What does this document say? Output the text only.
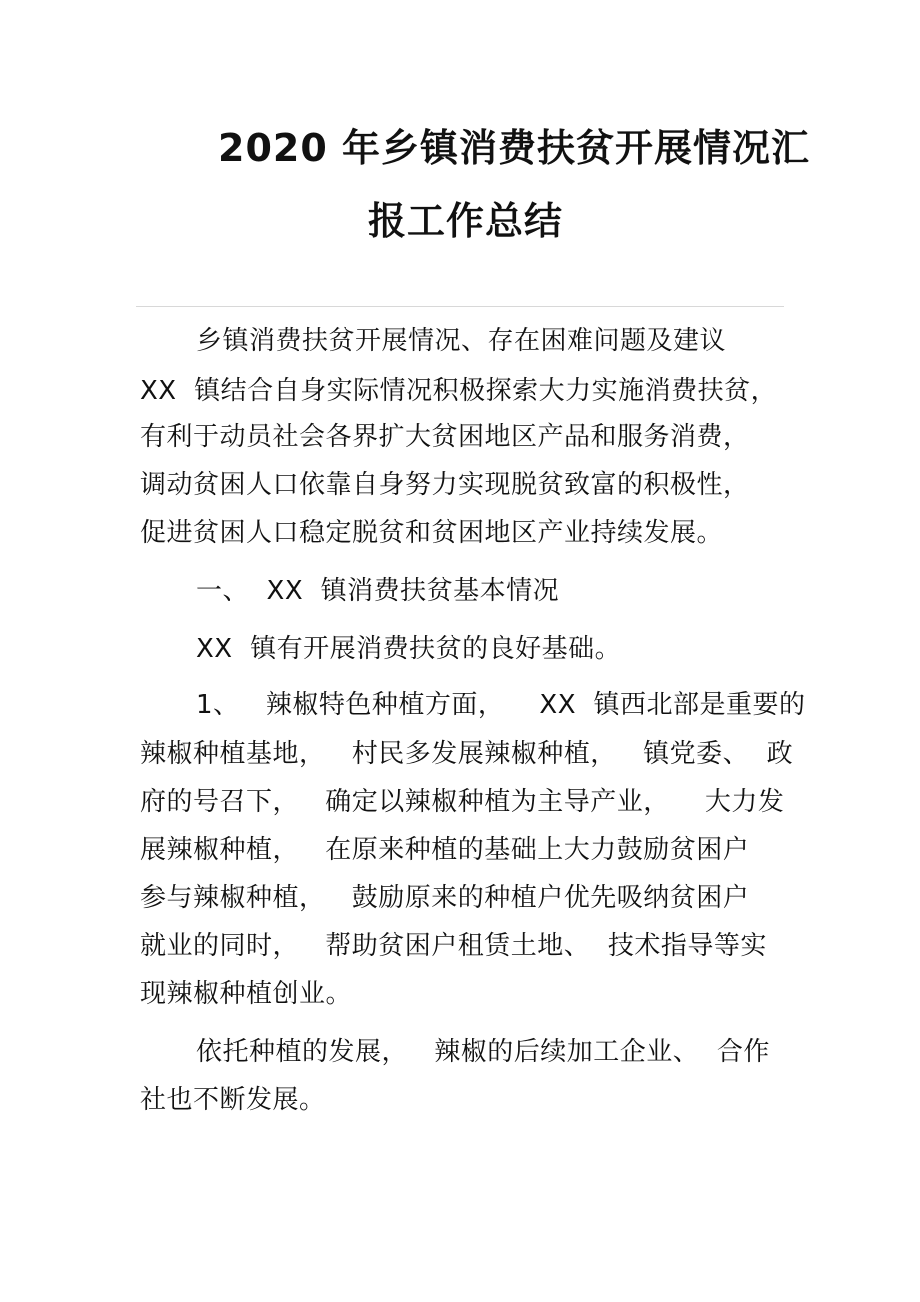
2020 年乡镇消费扶贫开展情况汇
报工作总结
乡镇消费扶贫开展情况、存在困难问题及建议
XX  镇结合自身实际情况积极探索大力实施消费扶贫，
有利于动员社会各界扩大贫困地区产品和服务消费，
调动贫困人口依靠自身努力实现脱贫致富的积极性，
促进贫困人口稳定脱贫和贫困地区产业持续发展。
一、  XX  镇消费扶贫基本情况
XX  镇有开展消费扶贫的良好基础。
1、   辣椒特色种植方面，    XX  镇西北部是重要的
辣椒种植基地，   村民多发展辣椒种植，   镇党委、  政
府的号召下，   确定以辣椒种植为主导产业，    大力发
展辣椒种植，   在原来种植的基础上大力鼓励贫困户
参与辣椒种植，   鼓励原来的种植户优先吸纳贫困户
就业的同时，   帮助贫困户租赁土地、  技术指导等实
现辣椒种植创业。
依托种植的发展，   辣椒的后续加工企业、  合作
社也不断发展。
